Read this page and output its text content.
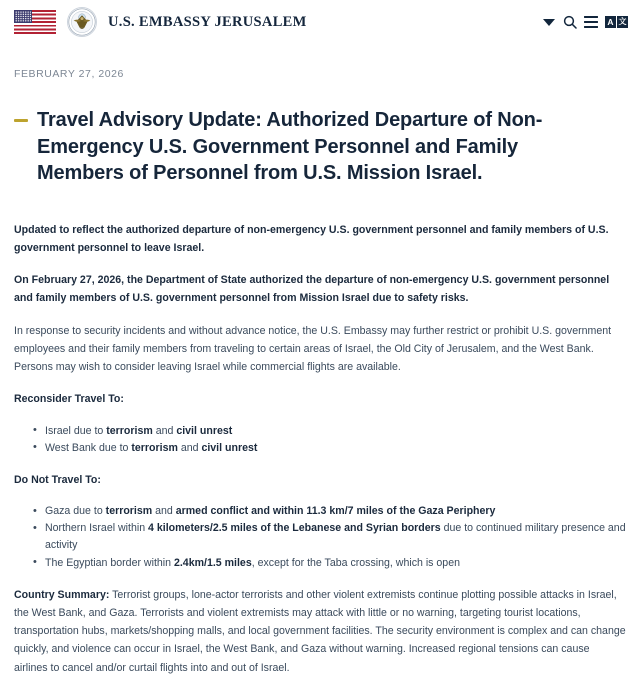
U.S. EMBASSY JERUSALEM	A 文
FEBRUARY 27, 2026
Travel Advisory Update: Authorized Departure of Non-Emergency U.S. Government Personnel and Family Members of Personnel from U.S. Mission Israel.

Updated to reflect the authorized departure of non-emergency U.S. government personnel and family members of U.S. government personnel to leave Israel.

On February 27, 2026, the Department of State authorized the departure of non-emergency U.S. government personnel and family members of U.S. government personnel from Mission Israel due to safety risks.

In response to security incidents and without advance notice, the U.S. Embassy may further restrict or prohibit U.S. government employees and their family members from traveling to certain areas of Israel, the Old City of Jerusalem, and the West Bank. Persons may wish to consider leaving Israel while commercial flights are available.

Reconsider Travel To:

• Israel due to terrorism and civil unrest
• West Bank due to terrorism and civil unrest

Do Not Travel To:

• Gaza due to terrorism and armed conflict and within 11.3 km/7 miles of the Gaza Periphery
• Northern Israel within 4 kilometers/2.5 miles of the Lebanese and Syrian borders due to continued military presence and activity
• The Egyptian border within 2.4km/1.5 miles, except for the Taba crossing, which is open

Country Summary: Terrorist groups, lone-actor terrorists and other violent extremists continue plotting possible attacks in Israel, the West Bank, and Gaza. Terrorists and violent extremists may attack with little or no warning, targeting tourist locations, transportation hubs, markets/shopping malls, and local government facilities. The security environment is complex and can change quickly, and violence can occur in Israel, the West Bank, and Gaza without warning. Increased regional tensions can cause airlines to cancel and/or curtail flights into and out of Israel.
